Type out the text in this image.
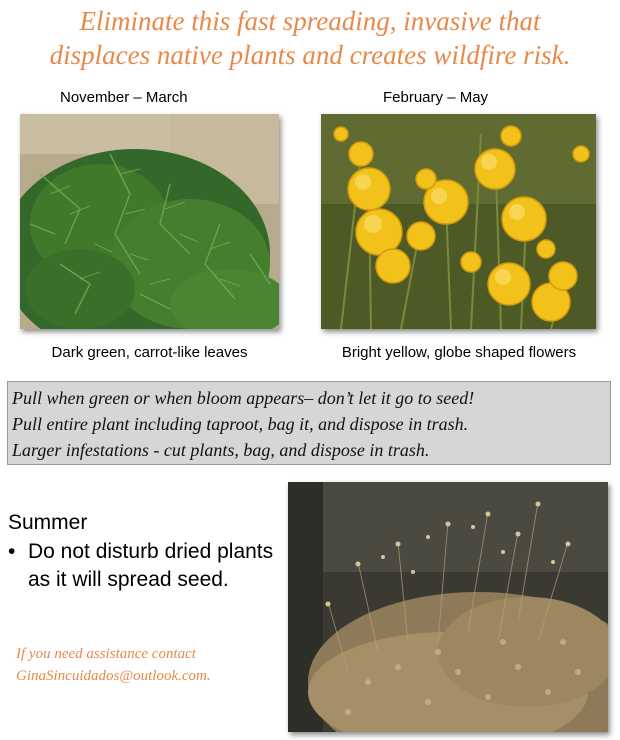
Eliminate this fast spreading, invasive that
displaces native plants and creates wildfire risk.
November – March	February – May
Dark green, carrot-like leaves	Bright yellow, globe shaped flowers
Pull when green or when bloom appears– don’t let it go to seed!
Pull entire plant including taproot, bag it, and dispose in trash.
Larger infestations - cut plants, bag, and dispose in trash.
Summer
• Do not disturb dried plants as it will spread seed.
If you need assistance contact
GinaSincuidados@outlook.com.
